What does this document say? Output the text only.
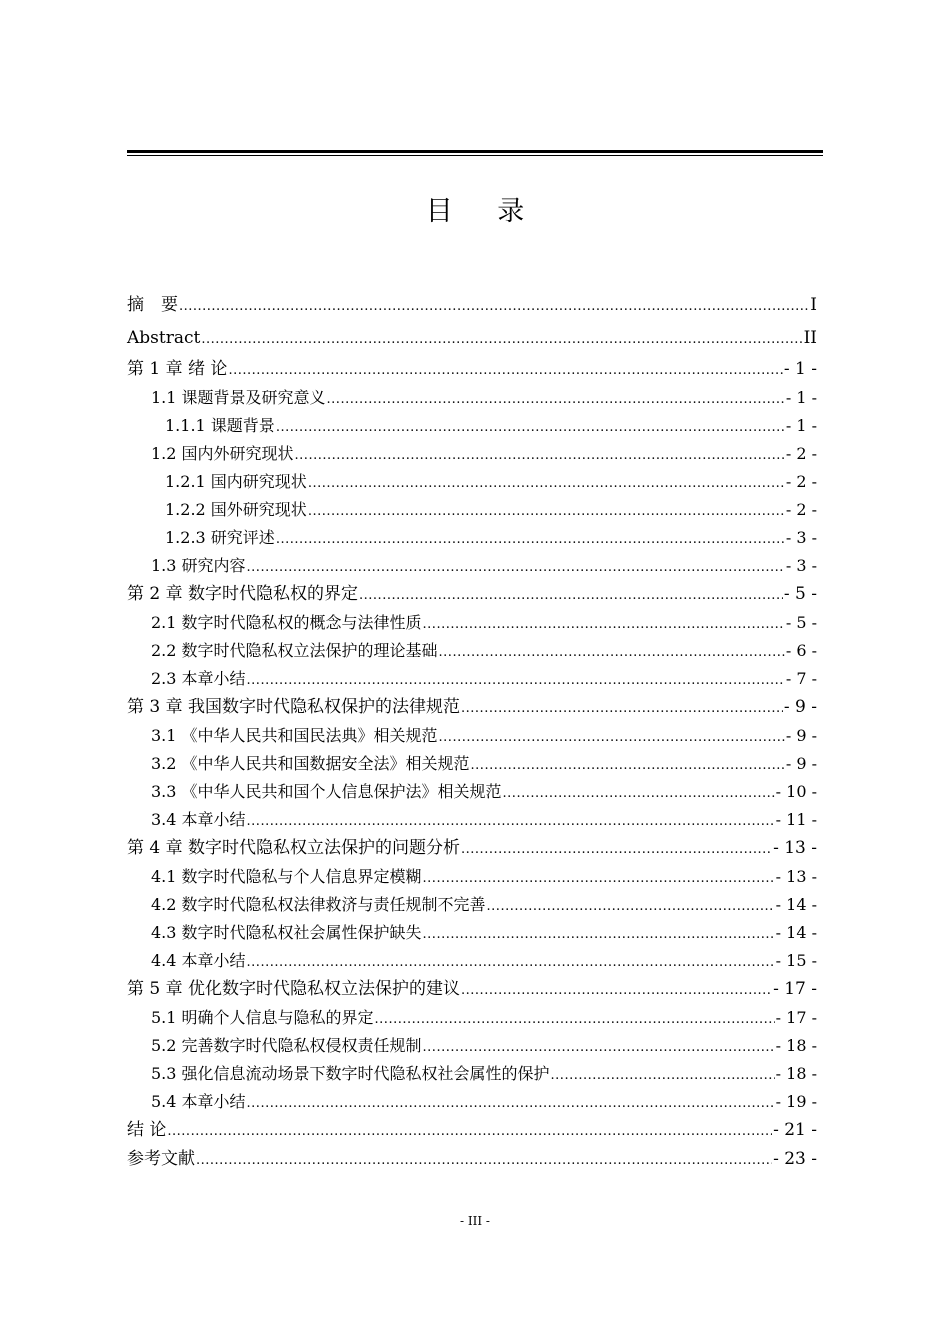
目 录
摘　要 .....	I
Abstract .....	II
第 1 章 绪 论 .....	- 1 -
1.1 课题背景及研究意义 .....	- 1 -
1.1.1 课题背景 .....	- 1 -
1.2 国内外研究现状 .....	- 2 -
1.2.1 国内研究现状 .....	- 2 -
1.2.2 国外研究现状 .....	- 2 -
1.2.3 研究评述 .....	- 3 -
1.3 研究内容 .....	- 3 -
第 2 章 数字时代隐私权的界定 .....	- 5 -
2.1 数字时代隐私权的概念与法律性质 .....	- 5 -
2.2 数字时代隐私权立法保护的理论基础 .....	- 6 -
2.3 本章小结 .....	- 7 -
第 3 章 我国数字时代隐私权保护的法律规范 .....	- 9 -
3.1 《中华人民共和国民法典》相关规范 .....	- 9 -
3.2 《中华人民共和国数据安全法》相关规范 .....	- 9 -
3.3 《中华人民共和国个人信息保护法》相关规范 .....	- 10 -
3.4 本章小结 .....	- 11 -
第 4 章 数字时代隐私权立法保护的问题分析 .....	- 13 -
4.1 数字时代隐私与个人信息界定模糊 .....	- 13 -
4.2 数字时代隐私权法律救济与责任规制不完善 .....	- 14 -
4.3 数字时代隐私权社会属性保护缺失 .....	- 14 -
4.4 本章小结 .....	- 15 -
第 5 章 优化数字时代隐私权立法保护的建议 .....	- 17 -
5.1 明确个人信息与隐私的界定 .....	- 17 -
5.2 完善数字时代隐私权侵权责任规制 .....	- 18 -
5.3 强化信息流动场景下数字时代隐私权社会属性的保护 .....	- 18 -
5.4 本章小结 .....	- 19 -
结 论 .....	- 21 -
参考文献 .....	- 23 -
- III -
